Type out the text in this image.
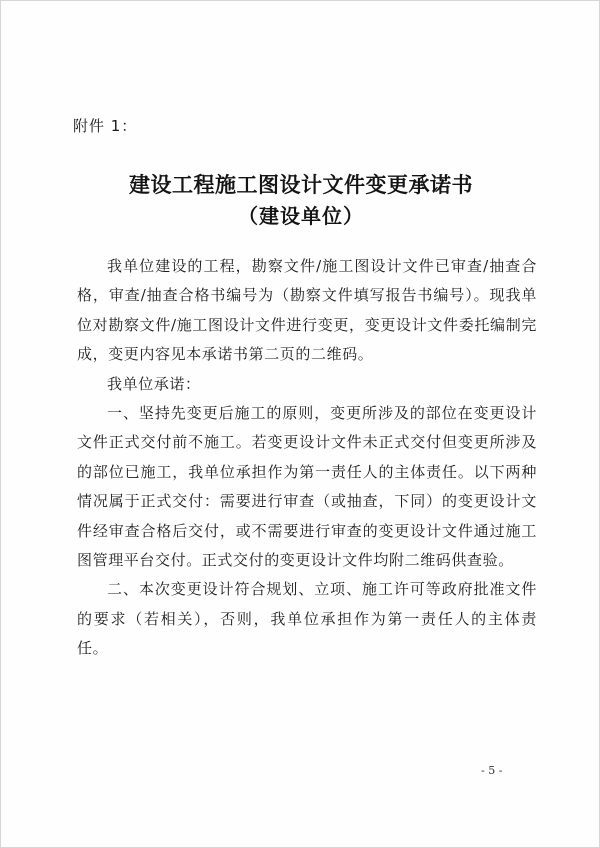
附件 1：
建设工程施工图设计文件变更承诺书
（建设单位）

我单位建设的工程，勘察文件/施工图设计文件已审查/抽查合格，审查/抽查合格书编号为（勘察文件填写报告书编号）。现我单位对勘察文件/施工图设计文件进行变更，变更设计文件委托编制完成，变更内容见本承诺书第二页的二维码。

我单位承诺：

一、坚持先变更后施工的原则，变更所涉及的部位在变更设计文件正式交付前不施工。若变更设计文件未正式交付但变更所涉及的部位已施工，我单位承担作为第一责任人的主体责任。以下两种情况属于正式交付：需要进行审查（或抽查，下同）的变更设计文件经审查合格后交付，或不需要进行审查的变更设计文件通过施工图管理平台交付。正式交付的变更设计文件均附二维码供查验。

二、本次变更设计符合规划、立项、施工许可等政府批准文件的要求（若相关），否则，我单位承担作为第一责任人的主体责任。

- 5 -
